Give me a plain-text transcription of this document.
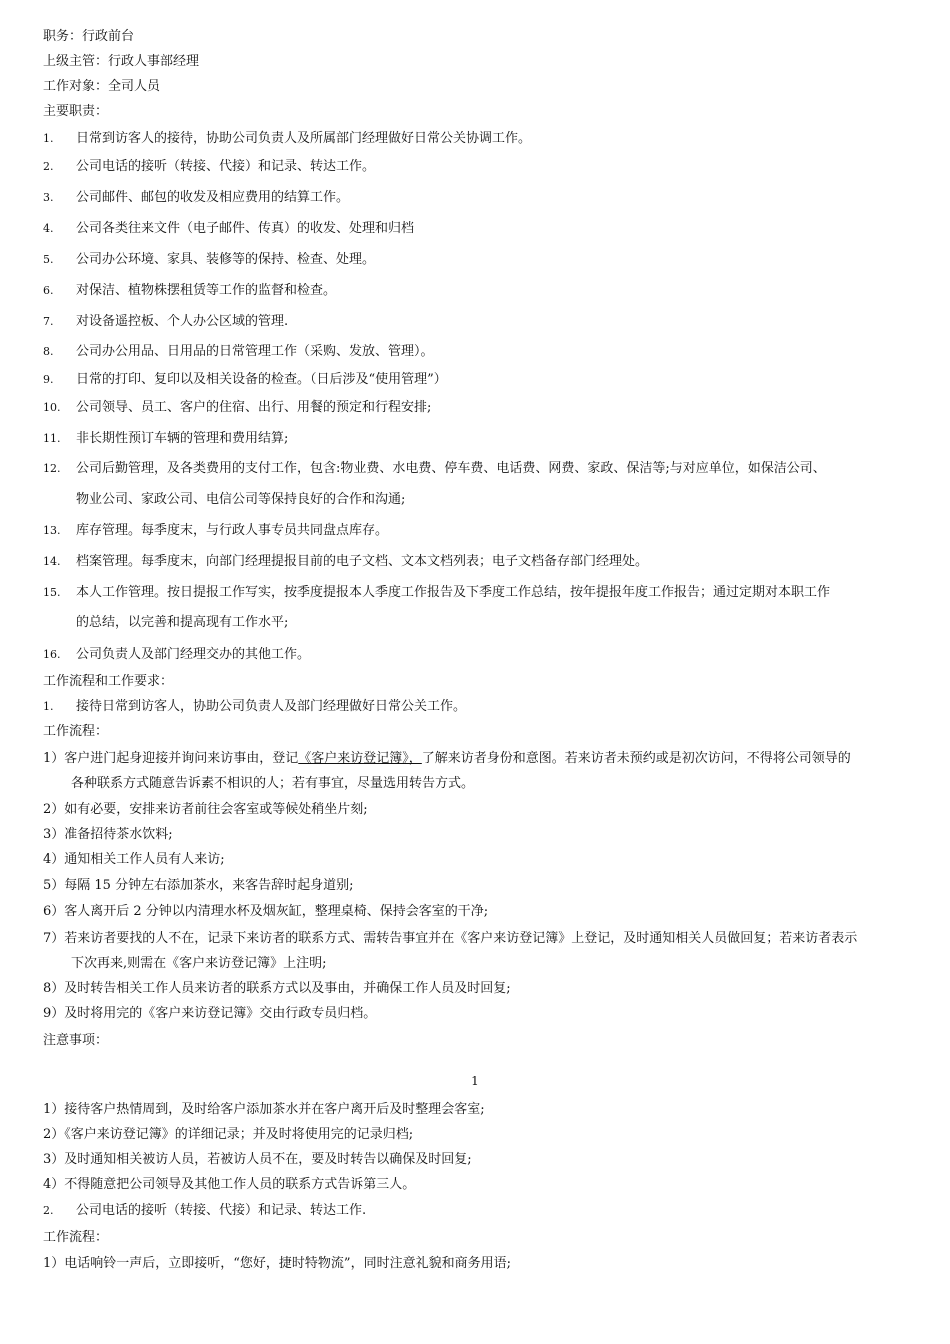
职务：行政前台
上级主管：行政人事部经理
工作对象：全司人员
主要职责：
1. 日常到访客人的接待，协助公司负责人及所属部门经理做好日常公关协调工作。
2. 公司电话的接听（转接、代接）和记录、转达工作。
3. 公司邮件、邮包的收发及相应费用的结算工作。
4. 公司各类往来文件（电子邮件、传真）的收发、处理和归档
5. 公司办公环境、家具、装修等的保持、检查、处理。
6. 对保洁、植物株摆租赁等工作的监督和检查。
7. 对设备遥控板、个人办公区域的管理.
8. 公司办公用品、日用品的日常管理工作（采购、发放、管理）。
9. 日常的打印、复印以及相关设备的检查。（日后涉及“使用管理”）
10. 公司领导、员工、客户的住宿、出行、用餐的预定和行程安排;
11. 非长期性预订车辆的管理和费用结算;
12. 公司后勤管理，及各类费用的支付工作，包含:物业费、水电费、停车费、电话费、网费、家政、保洁等;与对应单位，如保洁公司、
物业公司、家政公司、电信公司等保持良好的合作和沟通;
13. 库存管理。每季度末，与行政人事专员共同盘点库存。
14. 档案管理。每季度末，向部门经理提报目前的电子文档、文本文档列表；电子文档备存部门经理处。
15. 本人工作管理。按日提报工作写实，按季度提报本人季度工作报告及下季度工作总结，按年提报年度工作报告；通过定期对本职工作
的总结，以完善和提高现有工作水平;
16. 公司负责人及部门经理交办的其他工作。
工作流程和工作要求：
1. 接待日常到访客人，协助公司负责人及部门经理做好日常公关工作。
工作流程：
1）客户进门起身迎接并询问来访事由，登记《客户来访登记簿》，了解来访者身份和意图。若来访者未预约或是初次访问，不得将公司领导的
各种联系方式随意告诉素不相识的人；若有事宜，尽量选用转告方式。
2）如有必要，安排来访者前往会客室或等候处稍坐片刻;
3）准备招待茶水饮料;
4）通知相关工作人员有人来访;
5）每隔 15 分钟左右添加茶水，来客告辞时起身道别;
6）客人离开后 2 分钟以内清理水杯及烟灰缸，整理桌椅、保持会客室的干净;
7）若来访者要找的人不在，记录下来访者的联系方式、需转告事宜并在《客户来访登记簿》上登记，及时通知相关人员做回复；若来访者表示
下次再来,则需在《客户来访登记簿》上注明;
8）及时转告相关工作人员来访者的联系方式以及事由，并确保工作人员及时回复;
9）及时将用完的《客户来访登记簿》交由行政专员归档。
注意事项：
1
1）接待客户热情周到，及时给客户添加茶水并在客户离开后及时整理会客室;
2）《客户来访登记簿》的详细记录；并及时将使用完的记录归档;
3）及时通知相关被访人员，若被访人员不在，要及时转告以确保及时回复;
4）不得随意把公司领导及其他工作人员的联系方式告诉第三人。
2. 公司电话的接听（转接、代接）和记录、转达工作.
工作流程：
1）电话响铃一声后，立即接听，“您好，捷时特物流”，同时注意礼貌和商务用语;
